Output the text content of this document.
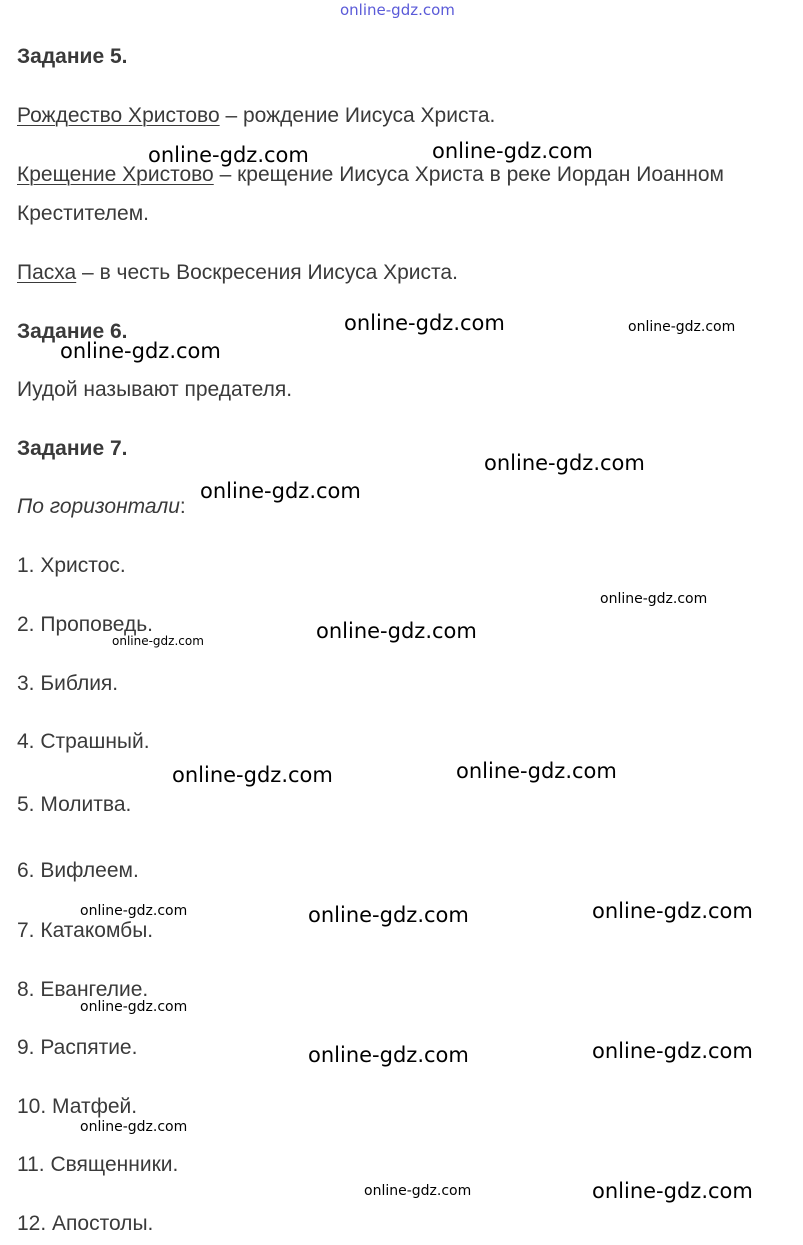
online-gdz.com
Задание 5.
Рождество Христово – рождение Иисуса Христа.
Крещение Христово – крещение Иисуса Христа в реке Иордан Иоанном
Крестителем.
Пасха – в честь Воскресения Иисуса Христа.
Задание 6.
Иудой называют предателя.
Задание 7.
По горизонтали:
1. Христос.
2. Проповедь.
3. Библия.
4. Страшный.
5. Молитва.
6. Вифлеем.
7. Катакомбы.
8. Евангелие.
9. Распятие.
10. Матфей.
11. Священники.
12. Апостолы.
online-gdz.com	online-gdz.com
online-gdz.com	online-gdz.com
online-gdz.com
online-gdz.com
online-gdz.com
online-gdz.com
online-gdz.com
online-gdz.com
online-gdz.com
online-gdz.com
online-gdz.com	online-gdz.com	online-gdz.com
online-gdz.com
online-gdz.com	online-gdz.com
online-gdz.com
online-gdz.com	online-gdz.com
